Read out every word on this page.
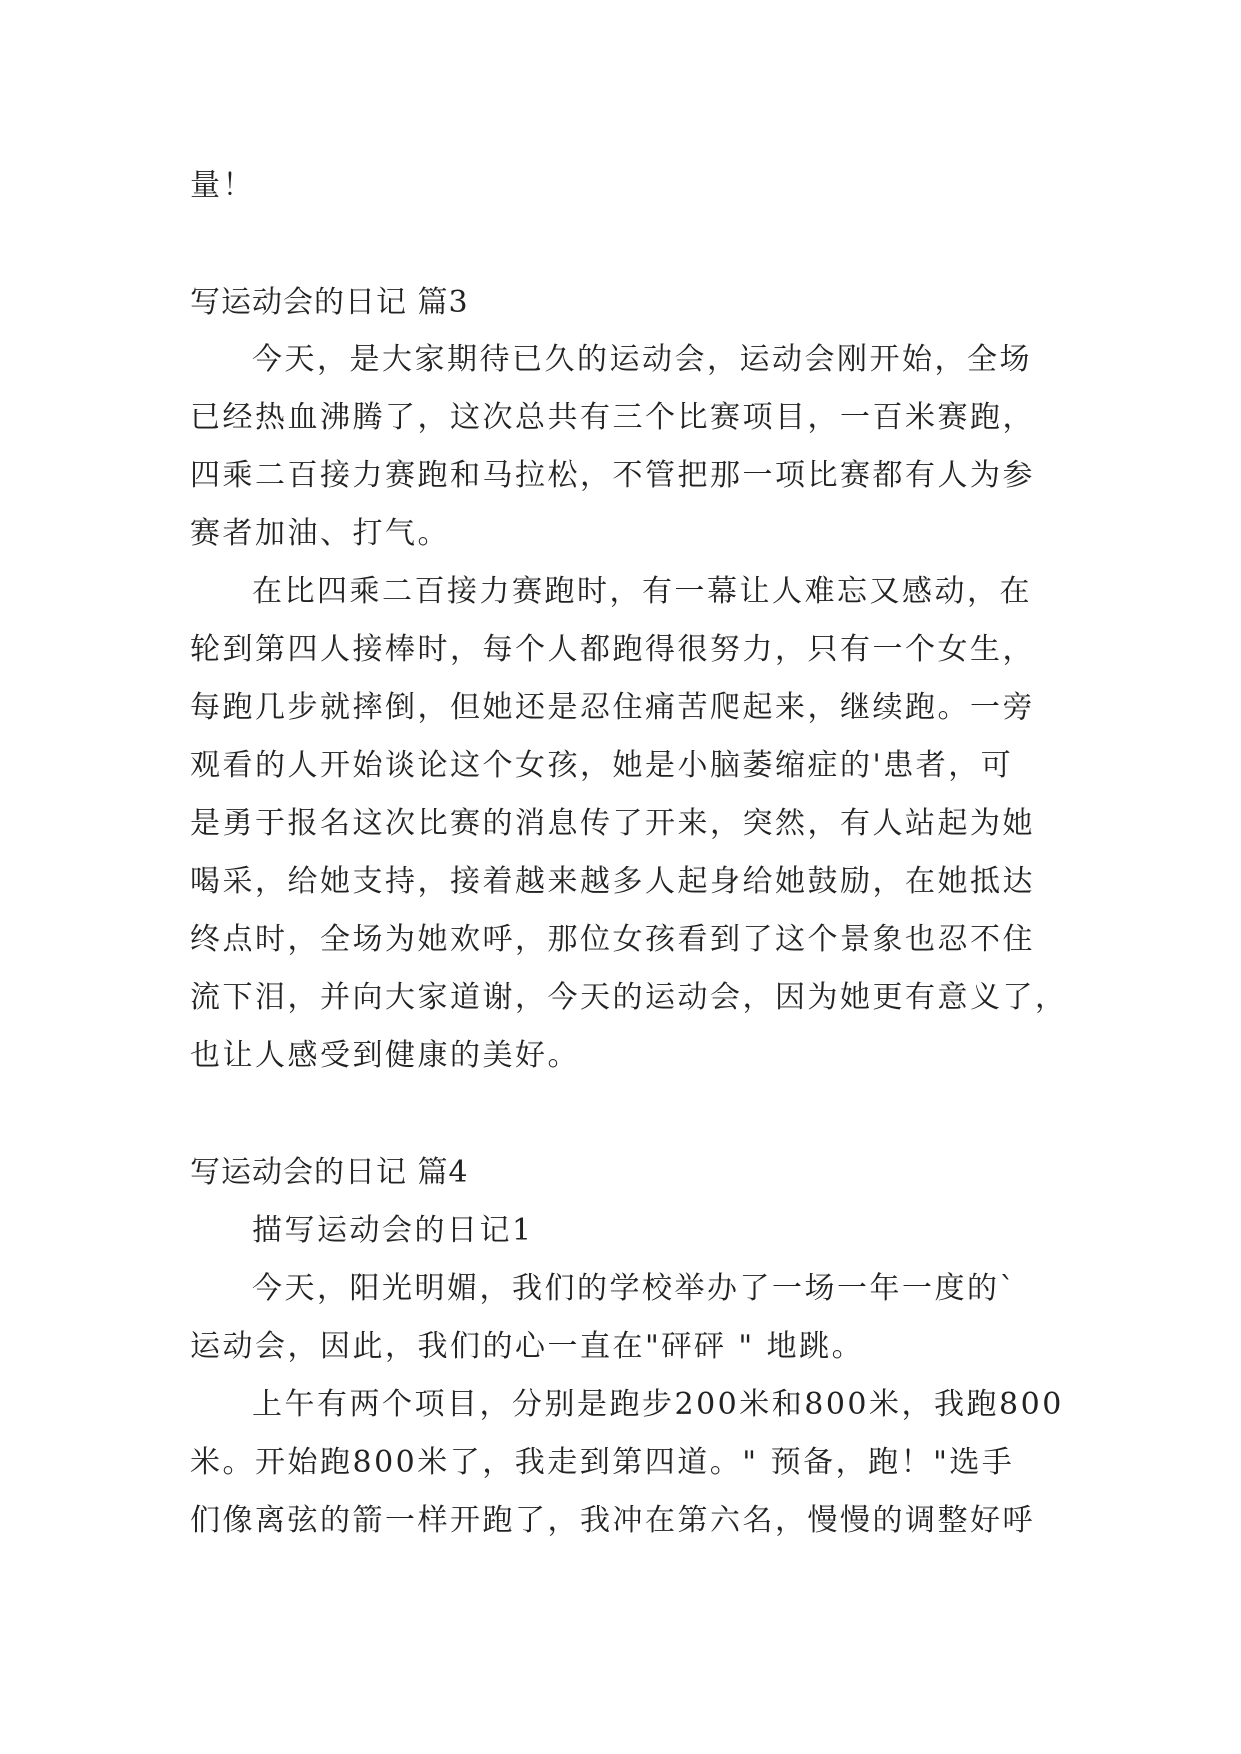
量！
写运动会的日记 篇3
今天，是大家期待已久的运动会，运动会刚开始，全场
已经热血沸腾了，这次总共有三个比赛项目，一百米赛跑，
四乘二百接力赛跑和马拉松，不管把那一项比赛都有人为参
赛者加油、打气。
在比四乘二百接力赛跑时，有一幕让人难忘又感动，在
轮到第四人接棒时，每个人都跑得很努力，只有一个女生，
每跑几步就摔倒，但她还是忍住痛苦爬起来，继续跑。一旁
观看的人开始谈论这个女孩，她是小脑萎缩症的'患者，可
是勇于报名这次比赛的消息传了开来，突然，有人站起为她
喝采，给她支持，接着越来越多人起身给她鼓励，在她抵达
终点时，全场为她欢呼，那位女孩看到了这个景象也忍不住
流下泪，并向大家道谢，今天的运动会，因为她更有意义了，
也让人感受到健康的美好。
写运动会的日记 篇4
描写运动会的日记1
今天，阳光明媚，我们的学校举办了一场一年一度的`
运动会，因此，我们的心一直在"砰砰 " 地跳。
上午有两个项目，分别是跑步200米和800米，我跑800
米。开始跑800米了，我走到第四道。" 预备，跑！"选手
们像离弦的箭一样开跑了，我冲在第六名，慢慢的调整好呼
